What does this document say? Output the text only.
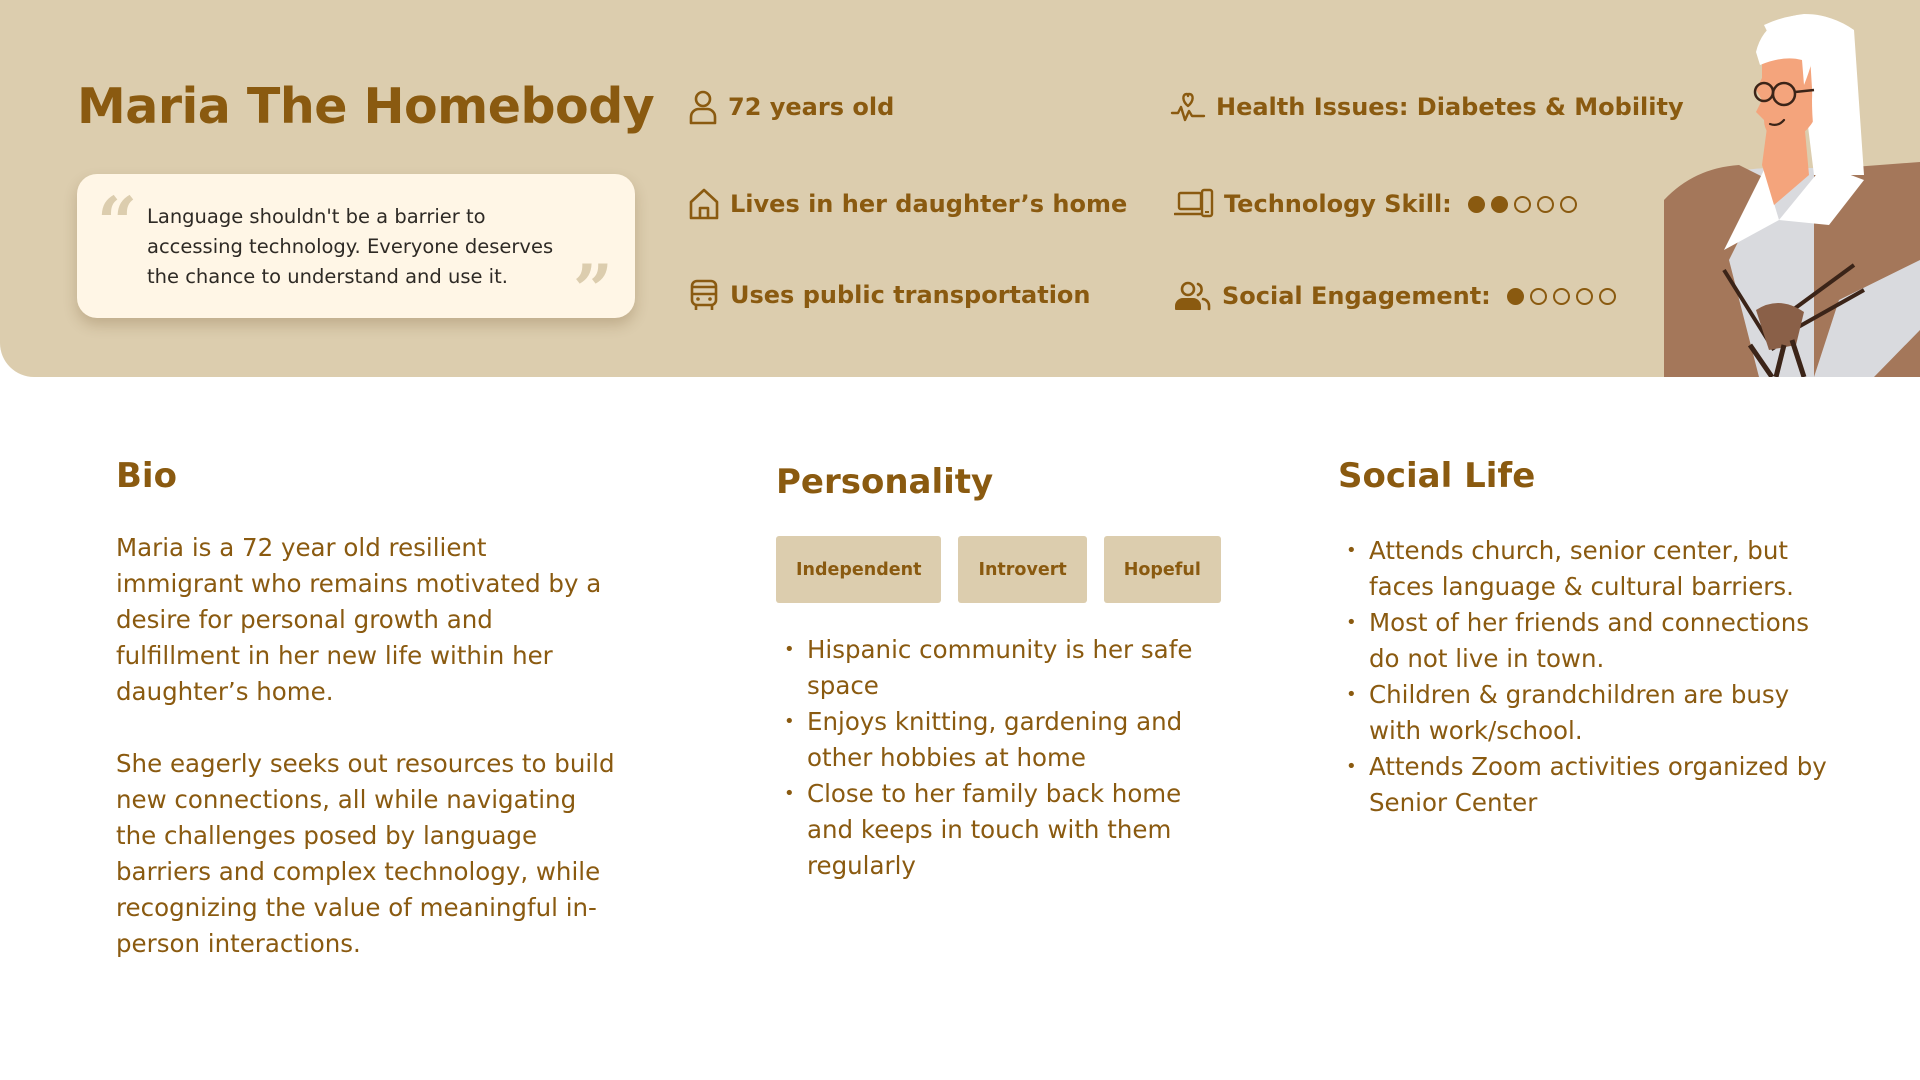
Maria The Homebody
“ Language shouldn't be a barrier to accessing technology. Everyone deserves the chance to understand and use it. ”
72 years old
Lives in her daughter’s home
Uses public transportation
Health Issues: Diabetes & Mobility
Technology Skill:
Social Engagement:
Bio

Maria is a 72 year old resilient immigrant who remains motivated by a desire for personal growth and fulfillment in her new life within her daughter’s home.

She eagerly seeks out resources to build new connections, all while navigating the challenges posed by language barriers and complex technology, while recognizing the value of meaningful in-person interactions.

Personality
Independent	Introvert	Hopeful
• Hispanic community is her safe space
• Enjoys knitting, gardening and other hobbies at home
• Close to her family back home and keeps in touch with them regularly
Social Life
• Attends church, senior center, but faces language & cultural barriers.
• Most of her friends and connections do not live in town.
• Children & grandchildren are busy with work/school.
• Attends Zoom activities organized by Senior Center
